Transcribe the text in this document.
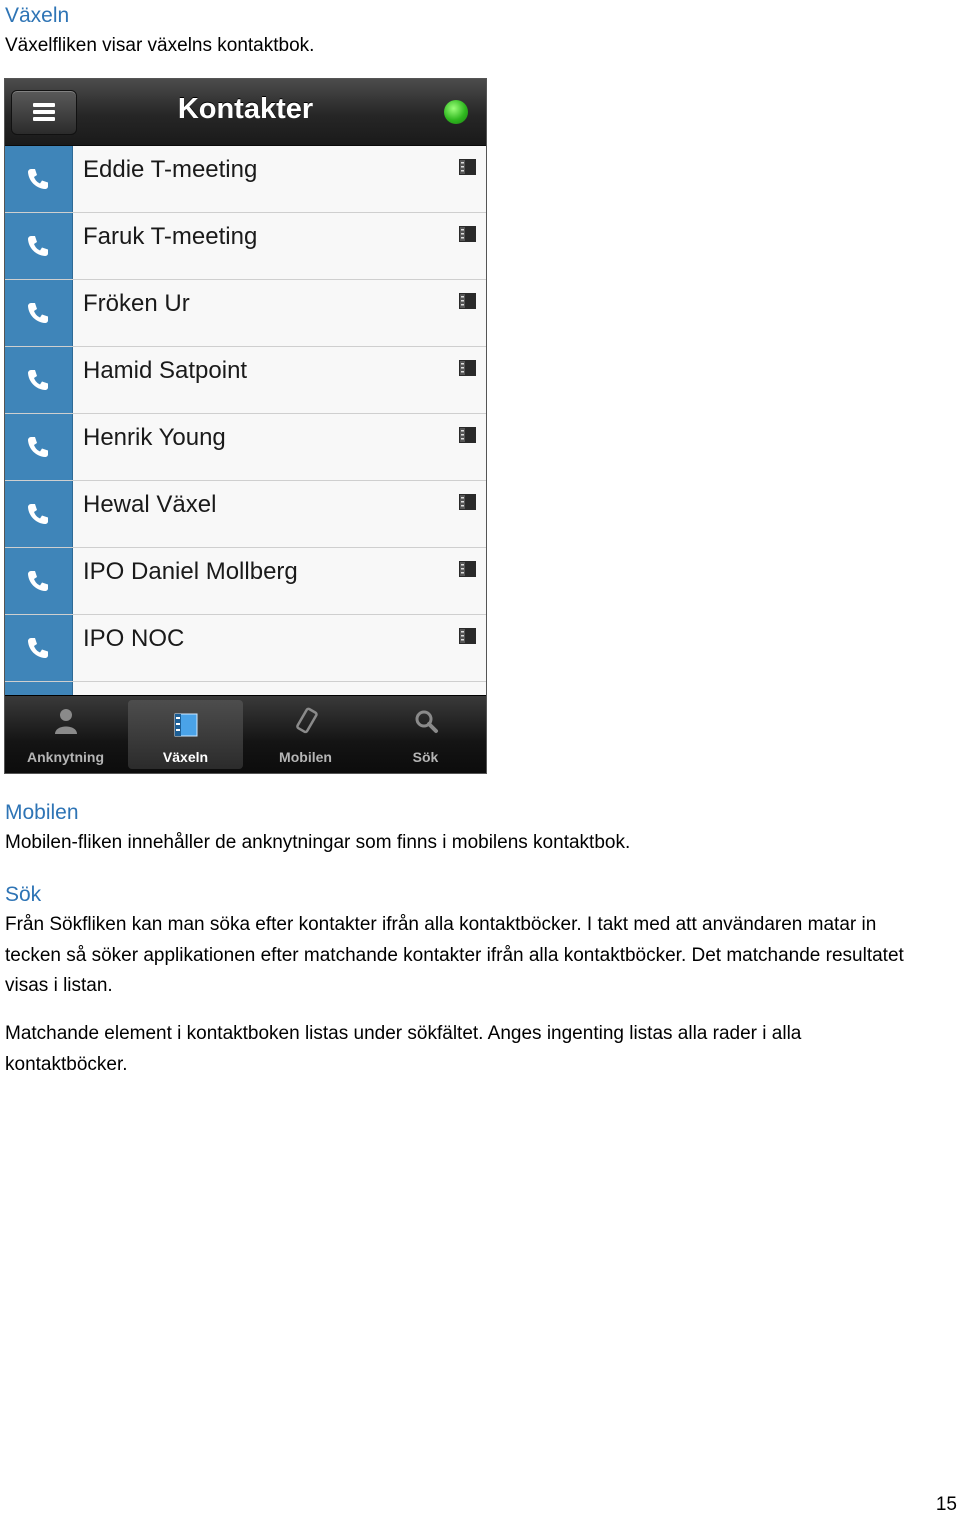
Växeln

Växelfliken visar växelns kontaktbok.

Kontakter
Eddie T-meeting
Faruk T-meeting
Fröken Ur
Hamid Satpoint
Henrik Young
Hewal Växel
IPO Daniel Mollberg
IPO NOC
Anknytning	Växeln	Mobilen	Sök
Mobilen

Mobilen-fliken innehåller de anknytningar som finns i mobilens kontaktbok.

Sök

Från Sökfliken kan man söka efter kontakter ifrån alla kontaktböcker. I takt med att användaren matar in tecken så söker applikationen efter matchande kontakter ifrån alla kontaktböcker. Det matchande resultatet visas i listan.

Matchande element i kontaktboken listas under sökfältet. Anges ingenting listas alla rader i alla kontaktböcker.

15
